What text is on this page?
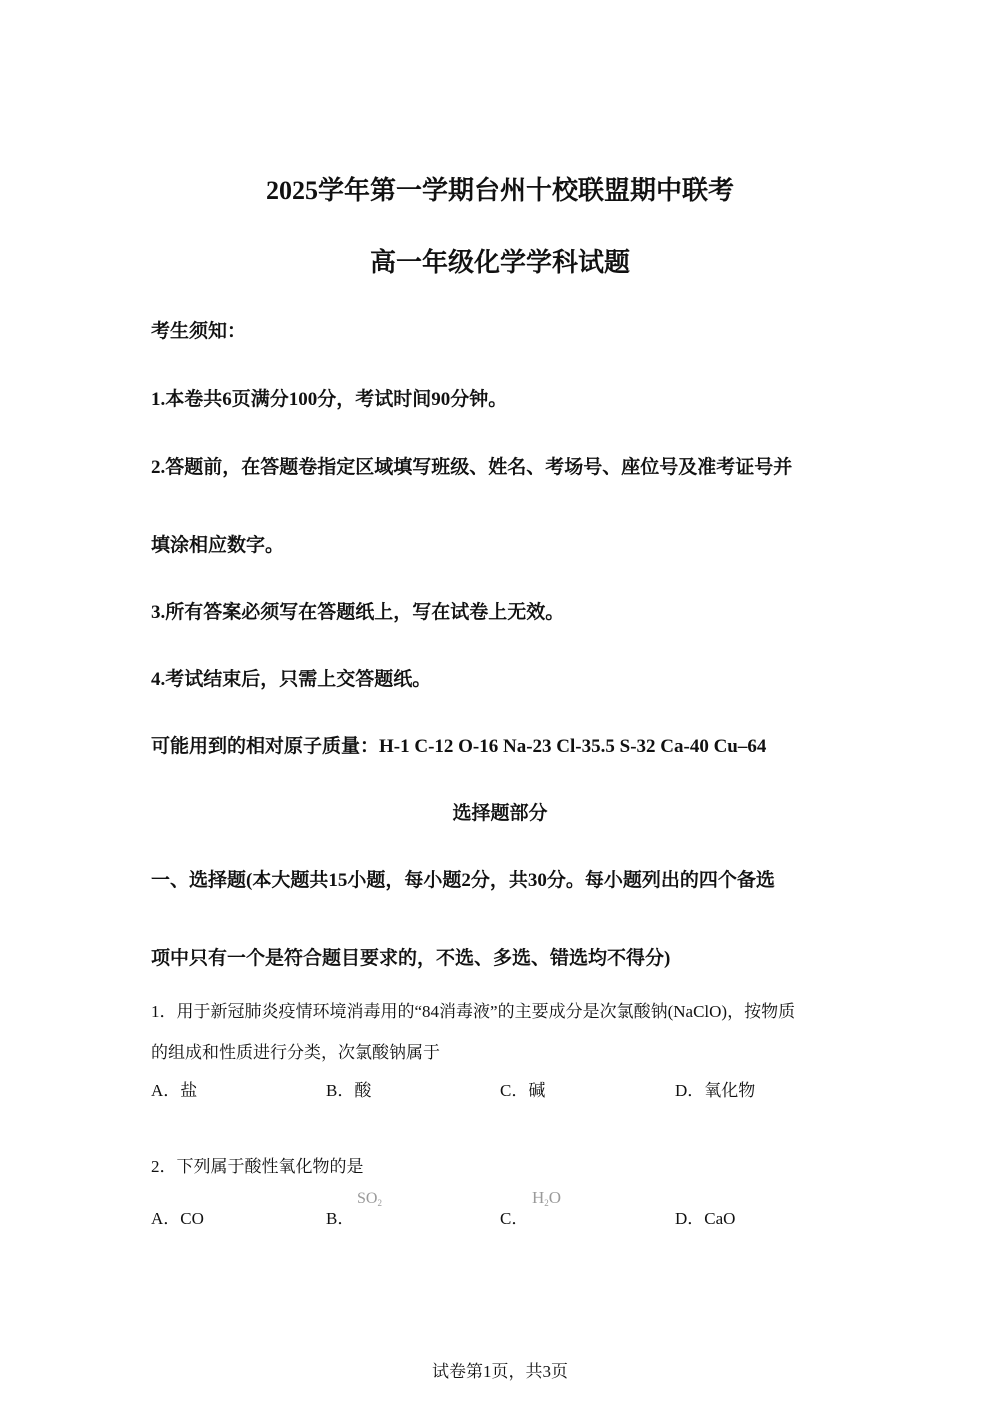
2025学年第一学期台州十校联盟期中联考
高一年级化学学科试题
考生须知：
1.本卷共6页满分100分，考试时间90分钟。
2.答题前，在答题卷指定区域填写班级、姓名、考场号、座位号及准考证号并
填涂相应数字。
3.所有答案必须写在答题纸上，写在试卷上无效。
4.考试结束后，只需上交答题纸。
可能用到的相对原子质量：H-1 C-12 O-16 Na-23 Cl-35.5 S-32 Ca-40 Cu–64
选择题部分
一、选择题(本大题共15小题，每小题2分，共30分。每小题列出的四个备选
项中只有一个是符合题目要求的，不选、多选、错选均不得分)
1．用于新冠肺炎疫情环境消毒用的“84消毒液”的主要成分是次氯酸钠(NaClO)，按物质
的组成和性质进行分类，次氯酸钠属于
A．盐	B．酸	C．碱	D．氧化物
2．下列属于酸性氧化物的是
A．CO	B．
$SO_2$
C．
$H_2O$
D．CaO
试卷第1页，共3页
